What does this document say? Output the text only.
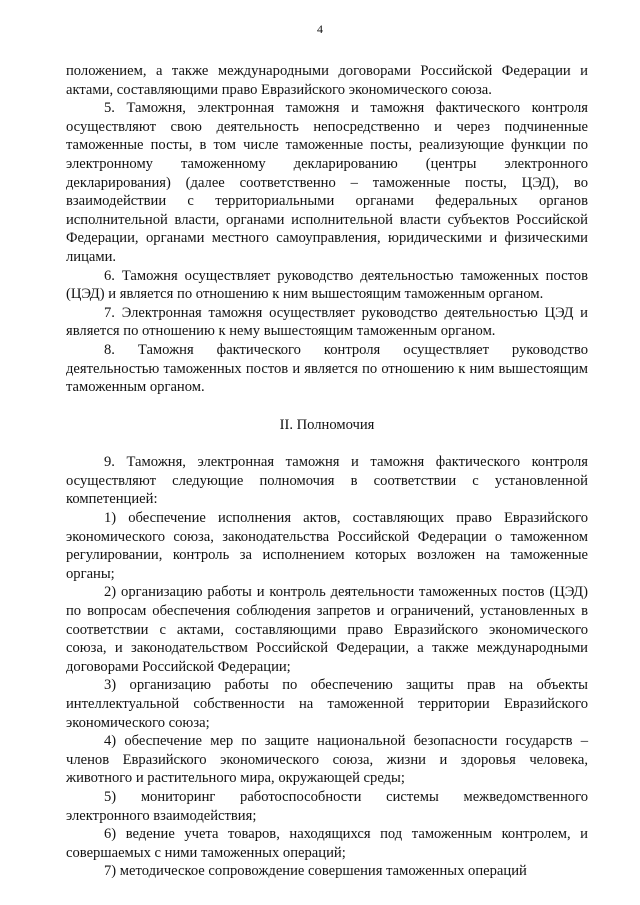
4

положением, а также международными договорами Российской Федерации и актами, составляющими право Евразийского экономического союза.

5. Таможня, электронная таможня и таможня фактического контроля осуществляют свою деятельность непосредственно и через подчиненные таможенные посты, в том числе таможенные посты, реализующие функции по электронному таможенному декларированию (центры электронного декларирования) (далее соответственно – таможенные посты, ЦЭД), во взаимодействии с территориальными органами федеральных органов исполнительной власти, органами исполнительной власти субъектов Российской Федерации, органами местного самоуправления, юридическими и физическими лицами.

6. Таможня осуществляет руководство деятельностью таможенных постов (ЦЭД) и является по отношению к ним вышестоящим таможенным органом.

7. Электронная таможня осуществляет руководство деятельностью ЦЭД и является по отношению к нему вышестоящим таможенным органом.

8. Таможня фактического контроля осуществляет руководство деятельностью таможенных постов и является по отношению к ним вышестоящим таможенным органом.

II. Полномочия

9. Таможня, электронная таможня и таможня фактического контроля осуществляют следующие полномочия в соответствии с установленной компетенцией:

1) обеспечение исполнения актов, составляющих право Евразийского экономического союза, законодательства Российской Федерации о таможенном регулировании, контроль за исполнением которых возложен на таможенные органы;

2) организацию работы и контроль деятельности таможенных постов (ЦЭД) по вопросам обеспечения соблюдения запретов и ограничений, установленных в соответствии с актами, составляющими право Евразийского экономического союза, и законодательством Российской Федерации, а также международными договорами Российской Федерации;

3) организацию работы по обеспечению защиты прав на объекты интеллектуальной собственности на таможенной территории Евразийского экономического союза;

4) обеспечение мер по защите национальной безопасности государств – членов Евразийского экономического союза, жизни и здоровья человека, животного и растительного мира, окружающей среды;

5) мониторинг работоспособности системы межведомственного электронного взаимодействия;

6) ведение учета товаров, находящихся под таможенным контролем, и совершаемых с ними таможенных операций;

7) методическое сопровождение совершения таможенных операций
